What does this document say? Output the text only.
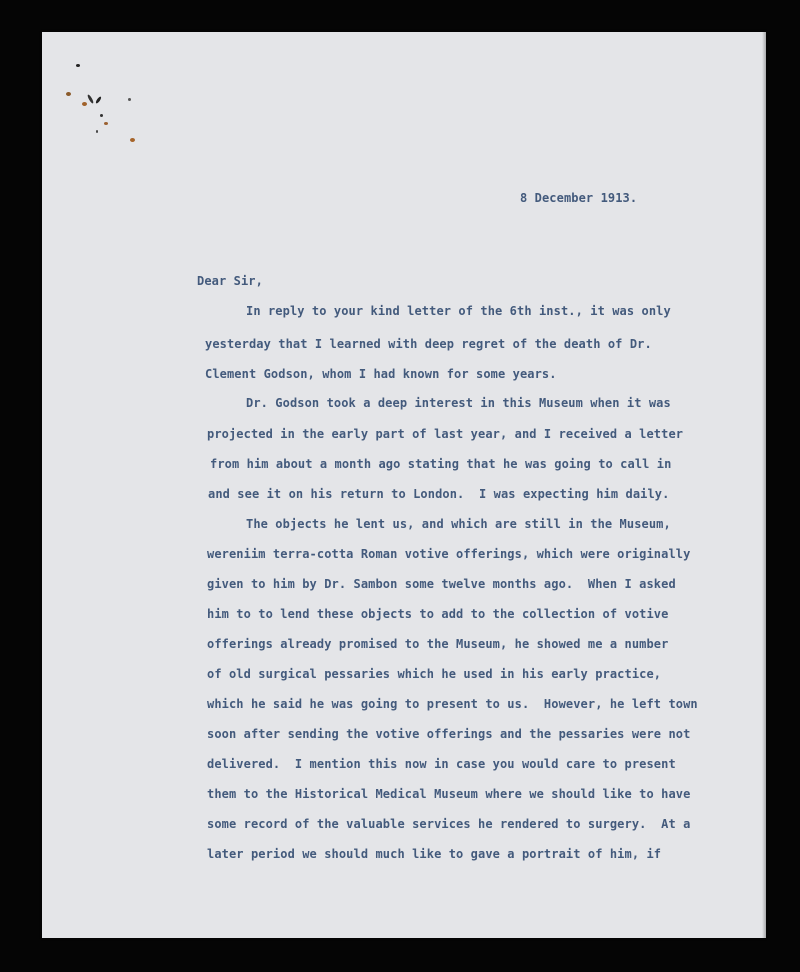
8 December 1913.
Dear Sir,
In reply to your kind letter of the 6th inst., it was only
yesterday that I learned with deep regret of the death of Dr.
Clement Godson, whom I had known for some years.
Dr. Godson took a deep interest in this Museum when it was
projected in the early part of last year, and I received a letter
from him about a month ago stating that he was going to call in
and see it on his return to London.  I was expecting him daily.
The objects he lent us, and which are still in the Museum,
wereniim terra-cotta Roman votive offerings, which were originally
given to him by Dr. Sambon some twelve months ago.  When I asked
him to to lend these objects to add to the collection of votive
offerings already promised to the Museum, he showed me a number
of old surgical pessaries which he used in his early practice,
which he said he was going to present to us.  However, he left town
soon after sending the votive offerings and the pessaries were not
delivered.  I mention this now in case you would care to present
them to the Historical Medical Museum where we should like to have
some record of the valuable services he rendered to surgery.  At a
later period we should much like to gave a portrait of him, if
